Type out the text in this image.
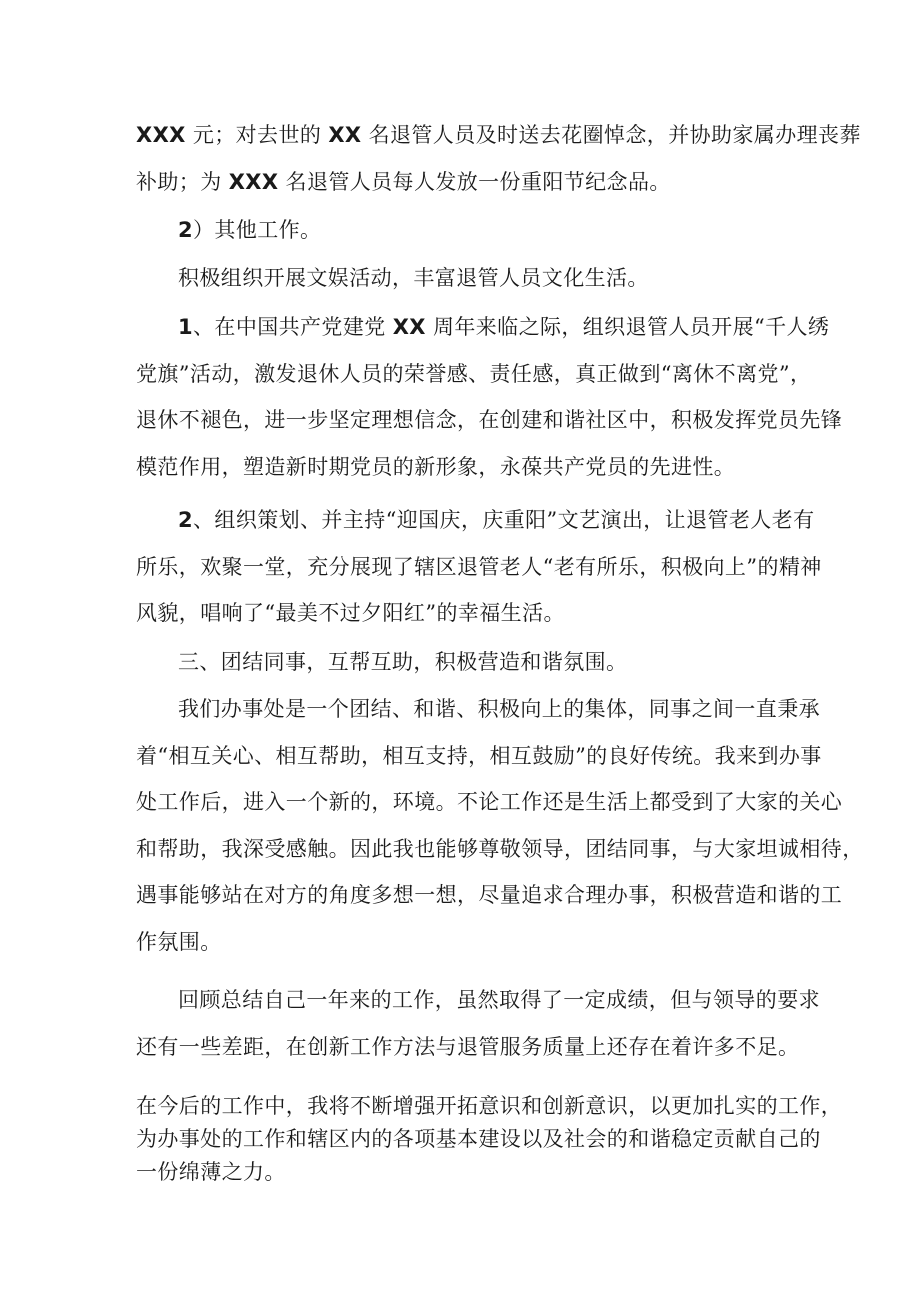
XXX 元；对去世的 XX 名退管人员及时送去花圈悼念，并协助家属办理丧葬
补助；为 XXX 名退管人员每人发放一份重阳节纪念品。
2）其他工作。
积极组织开展文娱活动，丰富退管人员文化生活。
1、在中国共产党建党 XX 周年来临之际，组织退管人员开展“千人绣
党旗”活动，激发退休人员的荣誉感、责任感，真正做到“离休不离党”，
退休不褪色，进一步坚定理想信念，在创建和谐社区中，积极发挥党员先锋
模范作用，塑造新时期党员的新形象，永葆共产党员的先进性。
2、组织策划、并主持“迎国庆，庆重阳”文艺演出，让退管老人老有
所乐，欢聚一堂，充分展现了辖区退管老人“老有所乐，积极向上”的精神
风貌，唱响了“最美不过夕阳红”的幸福生活。
三、团结同事，互帮互助，积极营造和谐氛围。
我们办事处是一个团结、和谐、积极向上的集体，同事之间一直秉承
着“相互关心、相互帮助，相互支持，相互鼓励”的良好传统。我来到办事
处工作后，进入一个新的，环境。不论工作还是生活上都受到了大家的关心
和帮助，我深受感触。因此我也能够尊敬领导，团结同事，与大家坦诚相待，
遇事能够站在对方的角度多想一想，尽量追求合理办事，积极营造和谐的工
作氛围。
回顾总结自己一年来的工作，虽然取得了一定成绩，但与领导的要求
还有一些差距，在创新工作方法与退管服务质量上还存在着许多不足。
在今后的工作中，我将不断增强开拓意识和创新意识，以更加扎实的工作，
为办事处的工作和辖区内的各项基本建设以及社会的和谐稳定贡献自己的
一份绵薄之力。
